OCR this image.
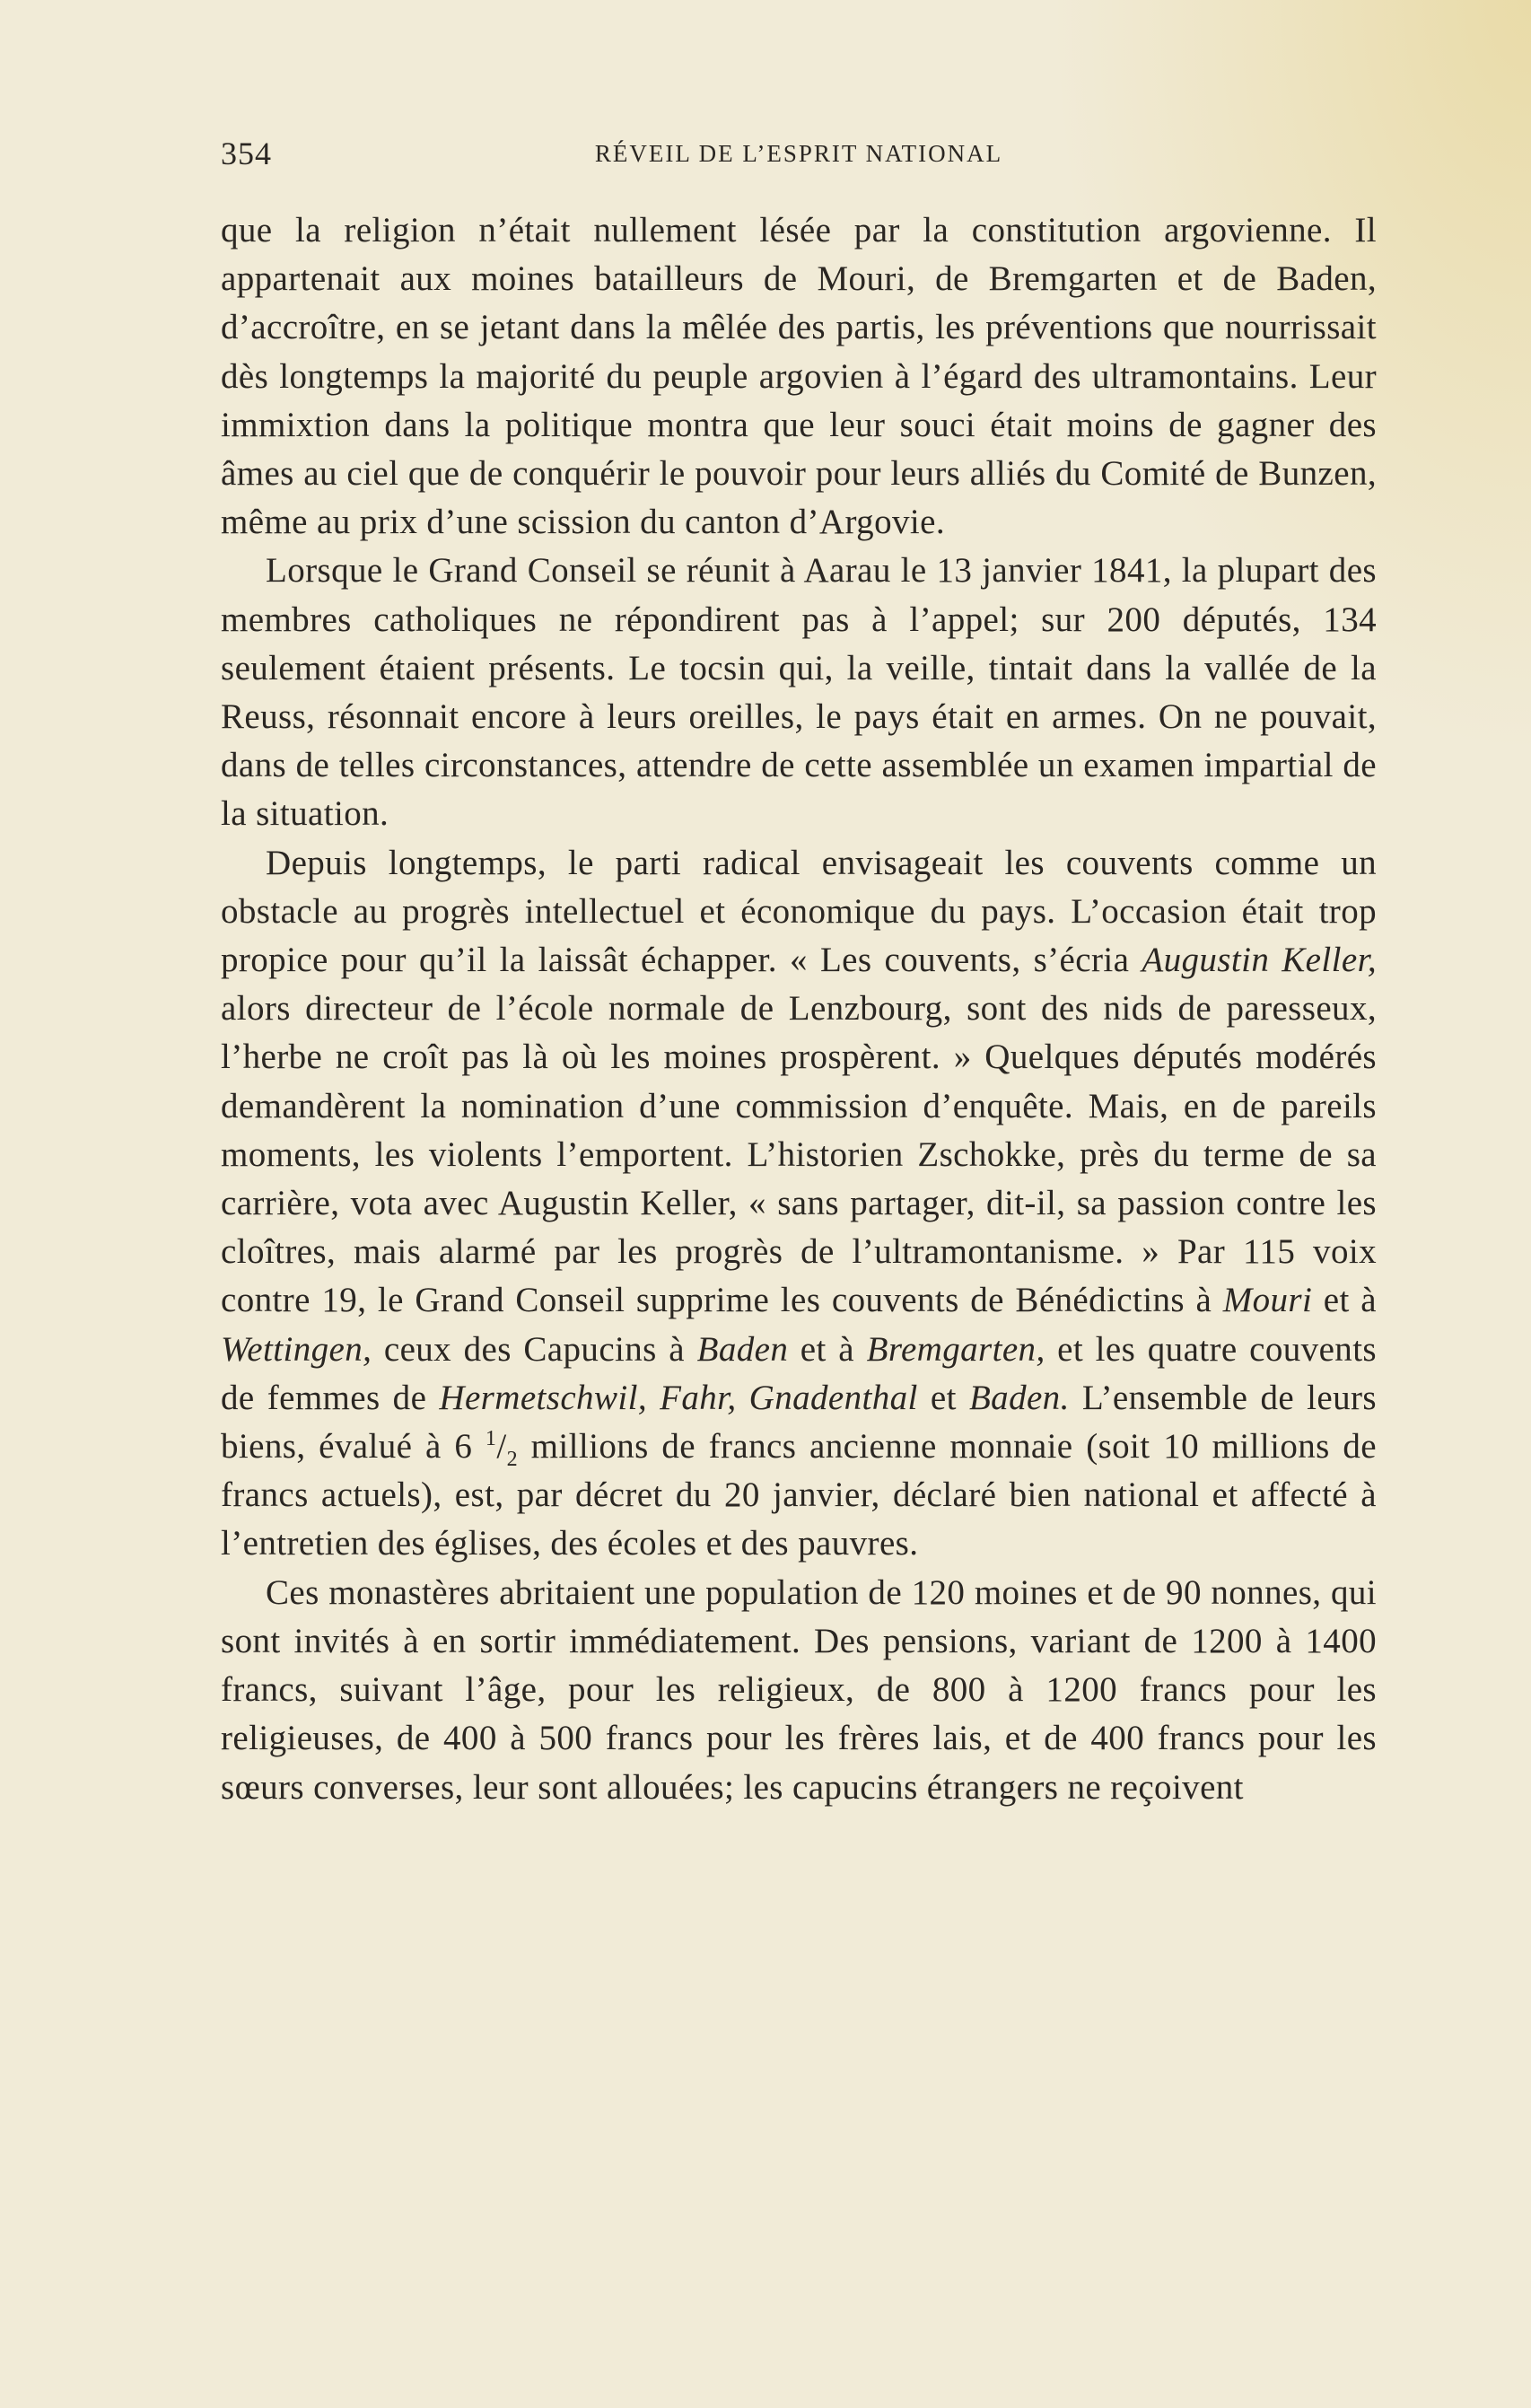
354	RÉVEIL DE L’ESPRIT NATIONAL

que la religion n’était nullement lésée par la constitution argovienne. Il appartenait aux moines batailleurs de Mouri, de Bremgarten et de Baden, d’accroître, en se jetant dans la mêlée des partis, les préventions que nourrissait dès longtemps la majorité du peuple argovien à l’égard des ultramontains. Leur immixtion dans la politique montra que leur souci était moins de gagner des âmes au ciel que de conquérir le pouvoir pour leurs alliés du Comité de Bunzen, même au prix d’une scission du canton d’Argovie.

Lorsque le Grand Conseil se réunit à Aarau le 13 janvier 1841, la plupart des membres catholiques ne répondirent pas à l’appel; sur 200 députés, 134 seulement étaient présents. Le tocsin qui, la veille, tintait dans la vallée de la Reuss, résonnait encore à leurs oreilles, le pays était en armes. On ne pouvait, dans de telles circonstances, attendre de cette assemblée un examen impartial de la situation.

Depuis longtemps, le parti radical envisageait les couvents comme un obstacle au progrès intellectuel et économique du pays. L’occasion était trop propice pour qu’il la laissât échapper. « Les couvents, s’écria Augustin Keller, alors directeur de l’école normale de Lenzbourg, sont des nids de paresseux, l’herbe ne croît pas là où les moines prospèrent. » Quelques députés modérés demandèrent la nomination d’une commission d’enquête. Mais, en de pareils moments, les violents l’emportent. L’historien Zschokke, près du terme de sa carrière, vota avec Augustin Keller, « sans partager, dit-il, sa passion contre les cloîtres, mais alarmé par les progrès de l’ultramontanisme. » Par 115 voix contre 19, le Grand Conseil supprime les couvents de Bénédictins à Mouri et à Wettingen, ceux des Capucins à Baden et à Bremgarten, et les quatre couvents de femmes de Hermetschwil, Fahr, Gnadenthal et Baden. L’ensemble de leurs biens, évalué à 6 $^1/_2$ millions de francs ancienne monnaie (soit 10 millions de francs actuels), est, par décret du 20 janvier, déclaré bien national et affecté à l’entretien des églises, des écoles et des pauvres.

Ces monastères abritaient une population de 120 moines et de 90 nonnes, qui sont invités à en sortir immédiatement. Des pensions, variant de 1200 à 1400 francs, suivant l’âge, pour les religieux, de 800 à 1200 francs pour les religieuses, de 400 à 500 francs pour les frères lais, et de 400 francs pour les sœurs converses, leur sont allouées; les capucins étrangers ne reçoivent
